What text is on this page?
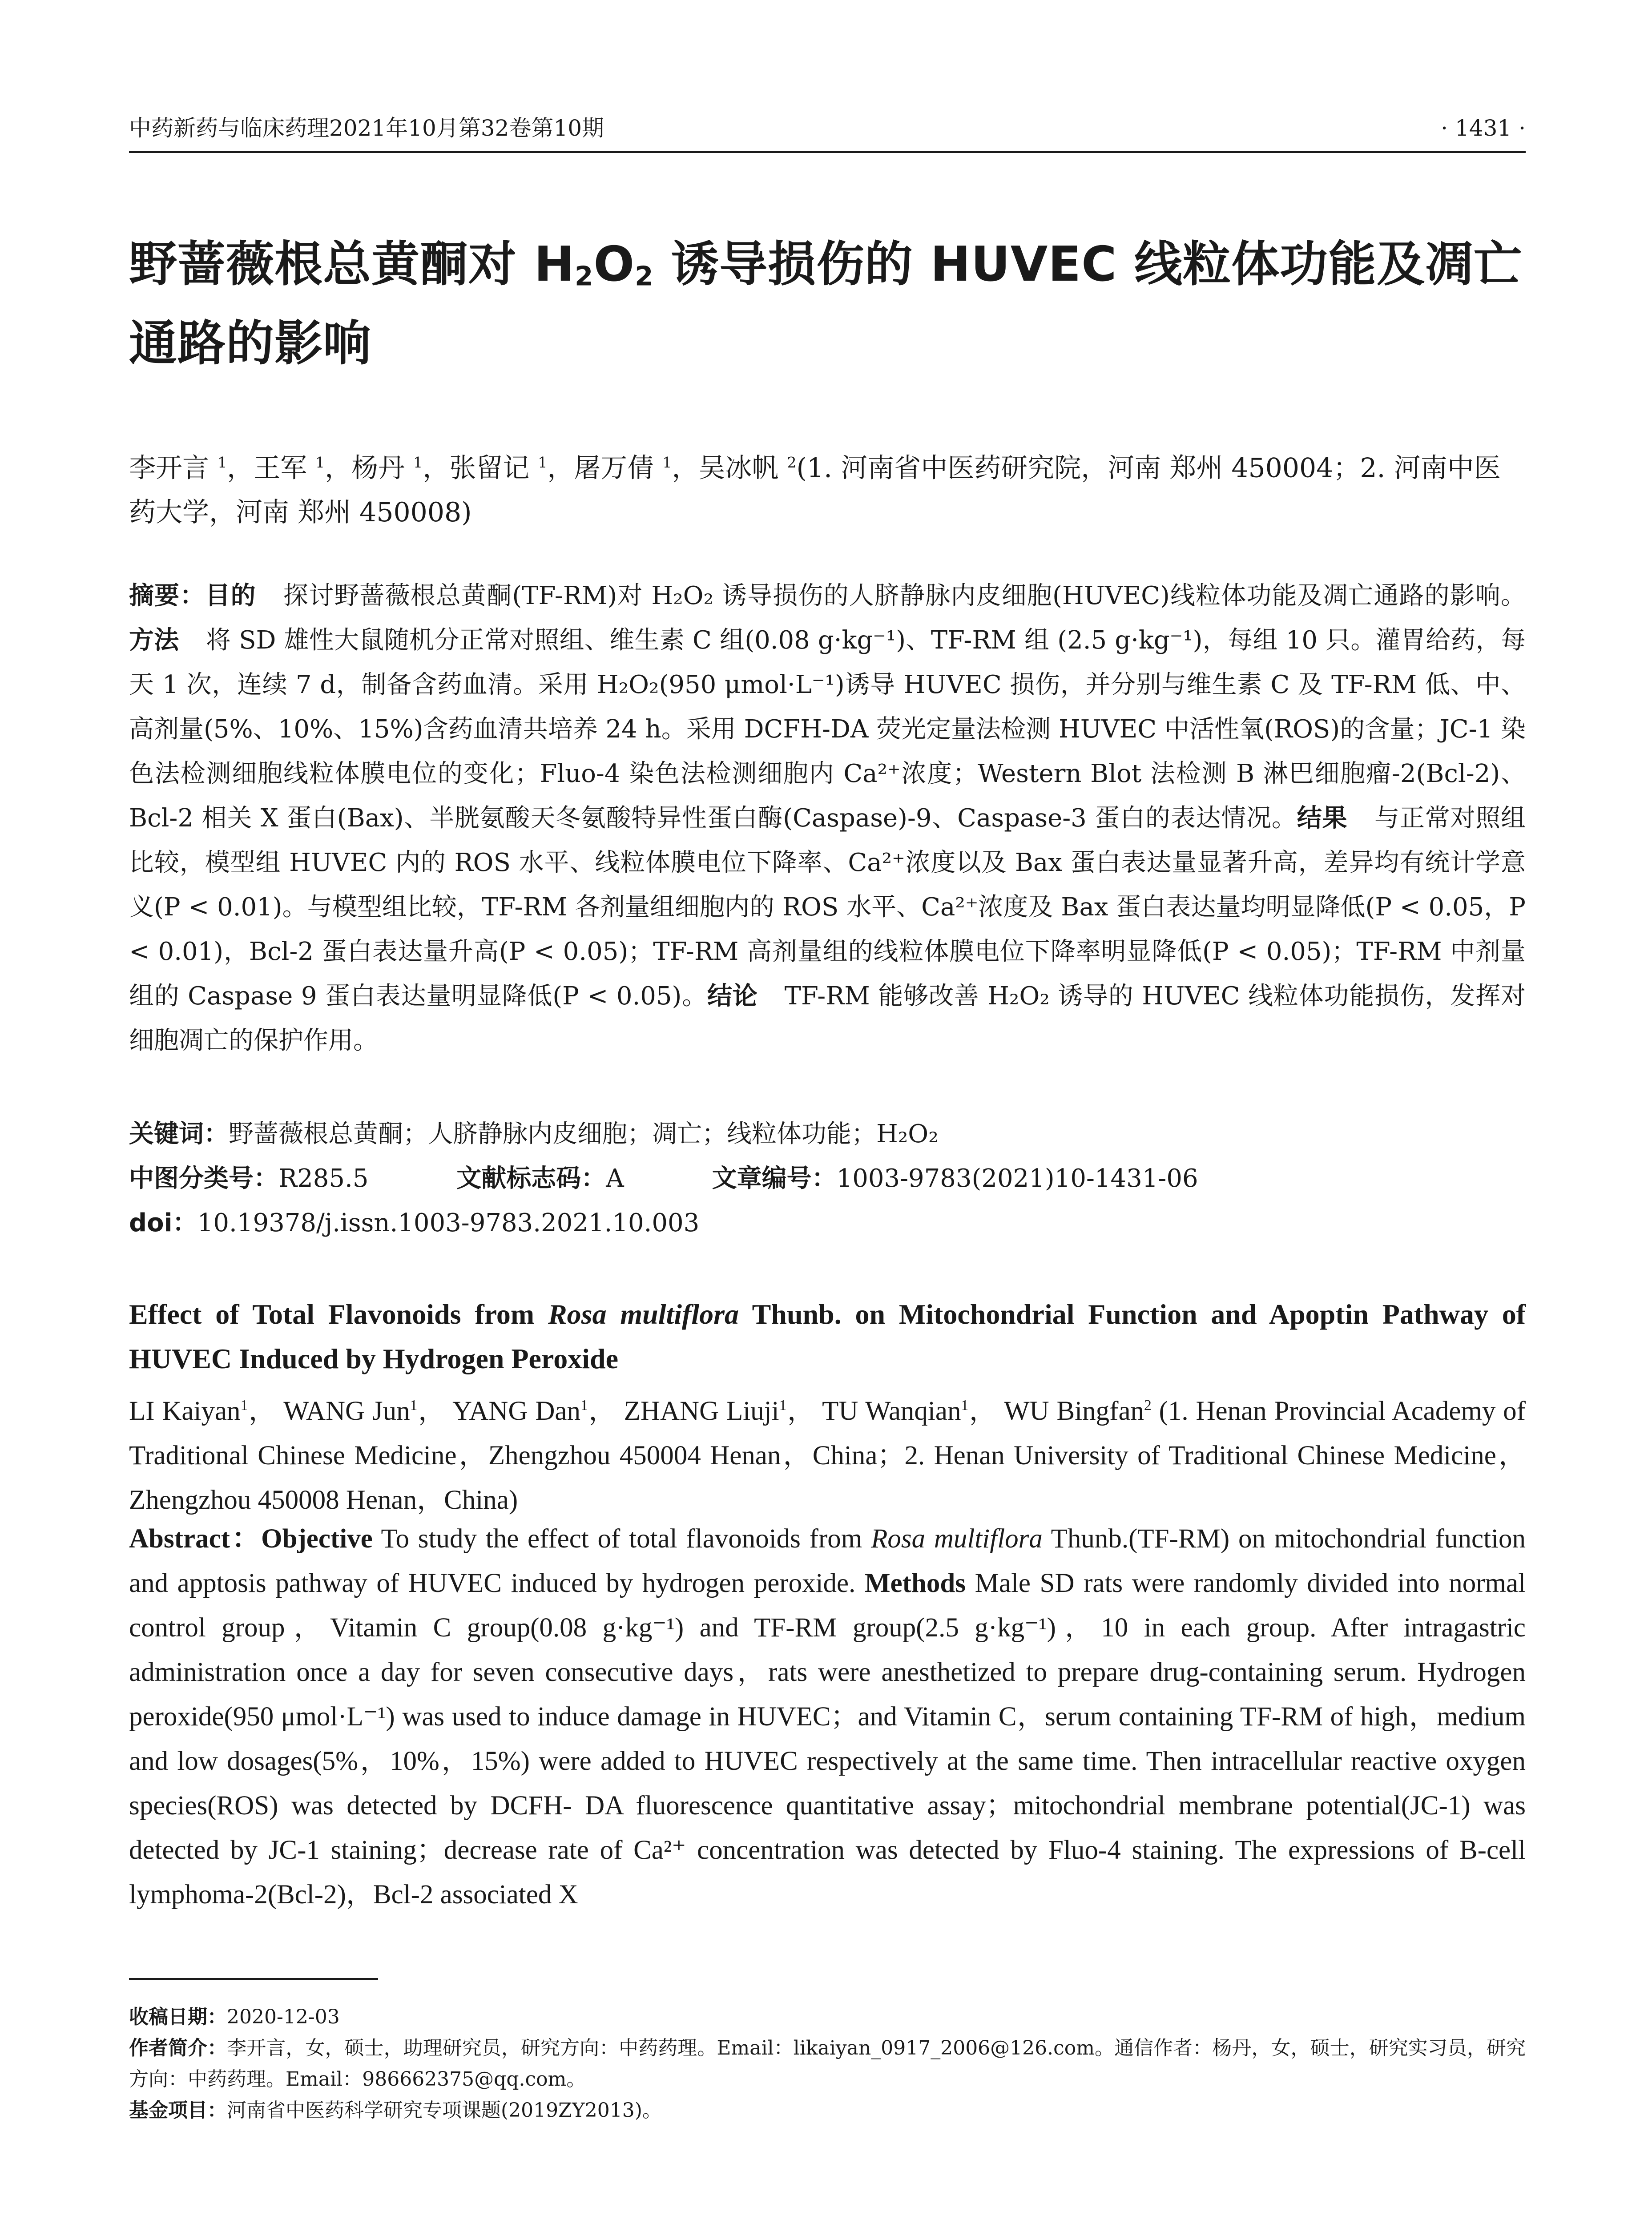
中药新药与临床药理2021年10月第32卷第10期	· 1431 ·
野蔷薇根总黄酮对 H2O2 诱导损伤的 HUVEC 线粒体功能及凋亡通路的影响
李开言 $^1$，王军 $^1$，杨丹 $^1$，张留记 $^1$，屠万倩 $^1$，吴冰帆 $^2$(1. 河南省中医药研究院，河南 郑州 450004；2. 河南中医药大学，河南 郑州 450008)
摘要：目的 探讨野蔷薇根总黄酮(TF-RM)对 H₂O₂ 诱导损伤的人脐静脉内皮细胞(HUVEC)线粒体功能及凋亡通路的影响。方法 将 SD 雄性大鼠随机分正常对照组、维生素 C 组(0.08 g·kg⁻¹)、TF-RM 组 (2.5 g·kg⁻¹)，每组 10 只。灌胃给药，每天 1 次，连续 7 d，制备含药血清。采用 H₂O₂(950 μmol·L⁻¹)诱导 HUVEC 损伤，并分别与维生素 C 及 TF-RM 低、中、高剂量(5%、10%、15%)含药血清共培养 24 h。采用 DCFH-DA 荧光定量法检测 HUVEC 中活性氧(ROS)的含量；JC-1 染色法检测细胞线粒体膜电位的变化；Fluo-4 染色法检测细胞内 Ca²⁺浓度；Western Blot 法检测 B 淋巴细胞瘤-2(Bcl-2)、Bcl-2 相关 X 蛋白(Bax)、半胱氨酸天冬氨酸特异性蛋白酶(Caspase)-9、Caspase-3 蛋白的表达情况。结果 与正常对照组比较，模型组 HUVEC 内的 ROS 水平、线粒体膜电位下降率、Ca²⁺浓度以及 Bax 蛋白表达量显著升高，差异均有统计学意义(P < 0.01)。与模型组比较，TF-RM 各剂量组细胞内的 ROS 水平、Ca²⁺浓度及 Bax 蛋白表达量均明显降低(P < 0.05，P < 0.01)，Bcl-2 蛋白表达量升高(P < 0.05)；TF-RM 高剂量组的线粒体膜电位下降率明显降低(P < 0.05)；TF-RM 中剂量组的 Caspase 9 蛋白表达量明显降低(P < 0.05)。结论 TF-RM 能够改善 H₂O₂ 诱导的 HUVEC 线粒体功能损伤，发挥对细胞凋亡的保护作用。
关键词：野蔷薇根总黄酮；人脐静脉内皮细胞；凋亡；线粒体功能；H₂O₂
中图分类号：R285.5	文献标志码：A	文章编号：1003-9783(2021)10-1431-06
doi：10.19378/j.issn.1003-9783.2021.10.003
Effect of Total Flavonoids from Rosa multiflora Thunb. on Mitochondrial Function and Apoptin Pathway of HUVEC Induced by Hydrogen Peroxide
LI Kaiyan$^1$， WANG Jun$^1$， YANG Dan$^1$， ZHANG Liuji$^1$， TU Wanqian$^1$， WU Bingfan$^2$ (1. Henan Provincial Academy of Traditional Chinese Medicine，Zhengzhou 450004 Henan，China；2. Henan University of Traditional Chinese Medicine，Zhengzhou 450008 Henan，China)
Abstract：Objective To study the effect of total flavonoids from Rosa multiflora Thunb.(TF-RM) on mitochondrial function and apptosis pathway of HUVEC induced by hydrogen peroxide. Methods Male SD rats were randomly divided into normal control group，Vitamin C group(0.08 g·kg⁻¹) and TF-RM group(2.5 g·kg⁻¹)，10 in each group. After intragastric administration once a day for seven consecutive days，rats were anesthetized to prepare drug-containing serum. Hydrogen peroxide(950 μmol·L⁻¹) was used to induce damage in HUVEC；and Vitamin C，serum containing TF-RM of high，medium and low dosages(5%，10%，15%) were added to HUVEC respectively at the same time. Then intracellular reactive oxygen species(ROS) was detected by DCFH- DA fluorescence quantitative assay；mitochondrial membrane potential(JC-1) was detected by JC-1 staining；decrease rate of Ca²⁺ concentration was detected by Fluo-4 staining. The expressions of B-cell lymphoma-2(Bcl-2)，Bcl-2 associated X
收稿日期：2020-12-03
作者简介：李开言，女，硕士，助理研究员，研究方向：中药药理。Email：likaiyan_0917_2006@126.com。通信作者：杨丹，女，硕士，研究实习员，研究方向：中药药理。Email：986662375@qq.com。
基金项目：河南省中医药科学研究专项课题(2019ZY2013)。
